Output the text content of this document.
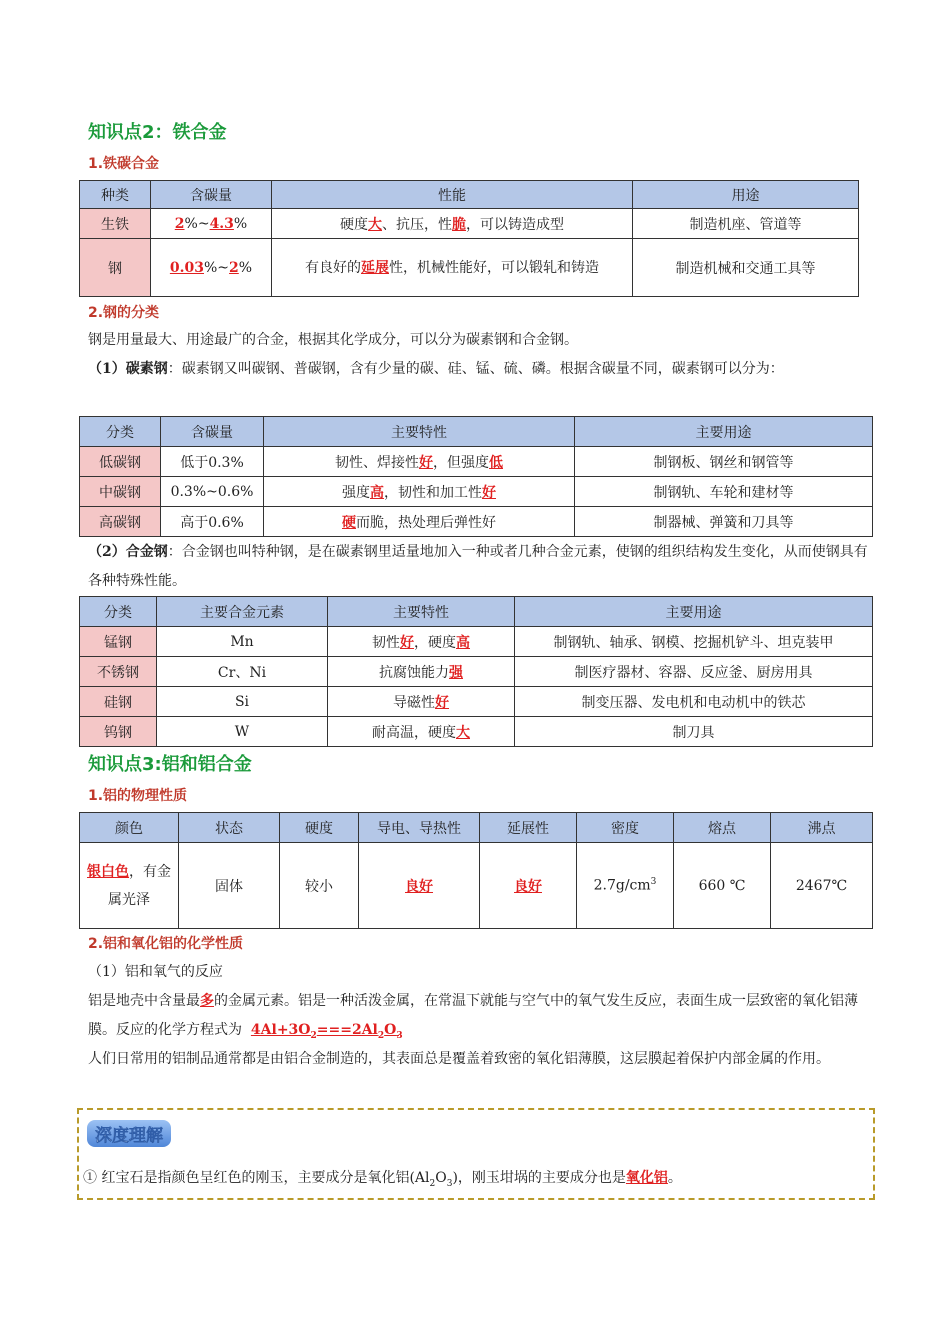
知识点2：铁合金
1.铁碳合金
种类	含碳量	性能	用途
生铁	2%~4.3%	硬度大、抗压，性脆，可以铸造成型	制造机座、管道等
钢	0.03%~2%	有良好的延展性，机械性能好，可以锻轧和铸造	制造机械和交通工具等
2.钢的分类
钢是用量最大、用途最广的合金，根据其化学成分，可以分为碳素钢和合金钢。
（1）碳素钢：碳素钢又叫碳钢、普碳钢，含有少量的碳、硅、锰、硫、磷。根据含碳量不同，碳素钢可以分为：
分类	含碳量	主要特性	主要用途
低碳钢	低于0.3%	韧性、焊接性好，但强度低	制钢板、钢丝和钢管等
中碳钢	0.3%~0.6%	强度高，韧性和加工性好	制钢轨、车轮和建材等
高碳钢	高于0.6%	硬而脆，热处理后弹性好	制器械、弹簧和刀具等
（2）合金钢：合金钢也叫特种钢，是在碳素钢里适量地加入一种或者几种合金元素，使钢的组织结构发生变化，从而使钢具有各种特殊性能。
分类	主要合金元素	主要特性	主要用途
锰钢	Mn	韧性好，硬度高	制钢轨、轴承、钢模、挖掘机铲斗、坦克装甲
不锈钢	Cr、Ni	抗腐蚀能力强	制医疗器材、容器、反应釜、厨房用具
硅钢	Si	导磁性好	制变压器、发电机和电动机中的铁芯
钨钢	W	耐高温，硬度大	制刀具
知识点3:铝和铝合金
1.铝的物理性质
颜色	状态	硬度	导电、导热性	延展性	密度	熔点	沸点
银白色，有金属光泽	固体	较小	良好	良好	$2.7g/cm^3$	660 ℃	2467℃
2.铝和氧化铝的化学性质
（1）铝和氧气的反应
铝是地壳中含量最多的金属元素。铝是一种活泼金属，在常温下就能与空气中的氧气发生反应，表面生成一层致密的氧化铝薄膜。反应的化学方程式为 $4Al+3O_2===2Al_2O_3$
人们日常用的铝制品通常都是由铝合金制造的，其表面总是覆盖着致密的氧化铝薄膜，这层膜起着保护内部金属的作用。
深度理解
① 红宝石是指颜色呈红色的刚玉，主要成分是氧化铝$(Al_2O_3)$，刚玉坩埚的主要成分也是氧化铝。
